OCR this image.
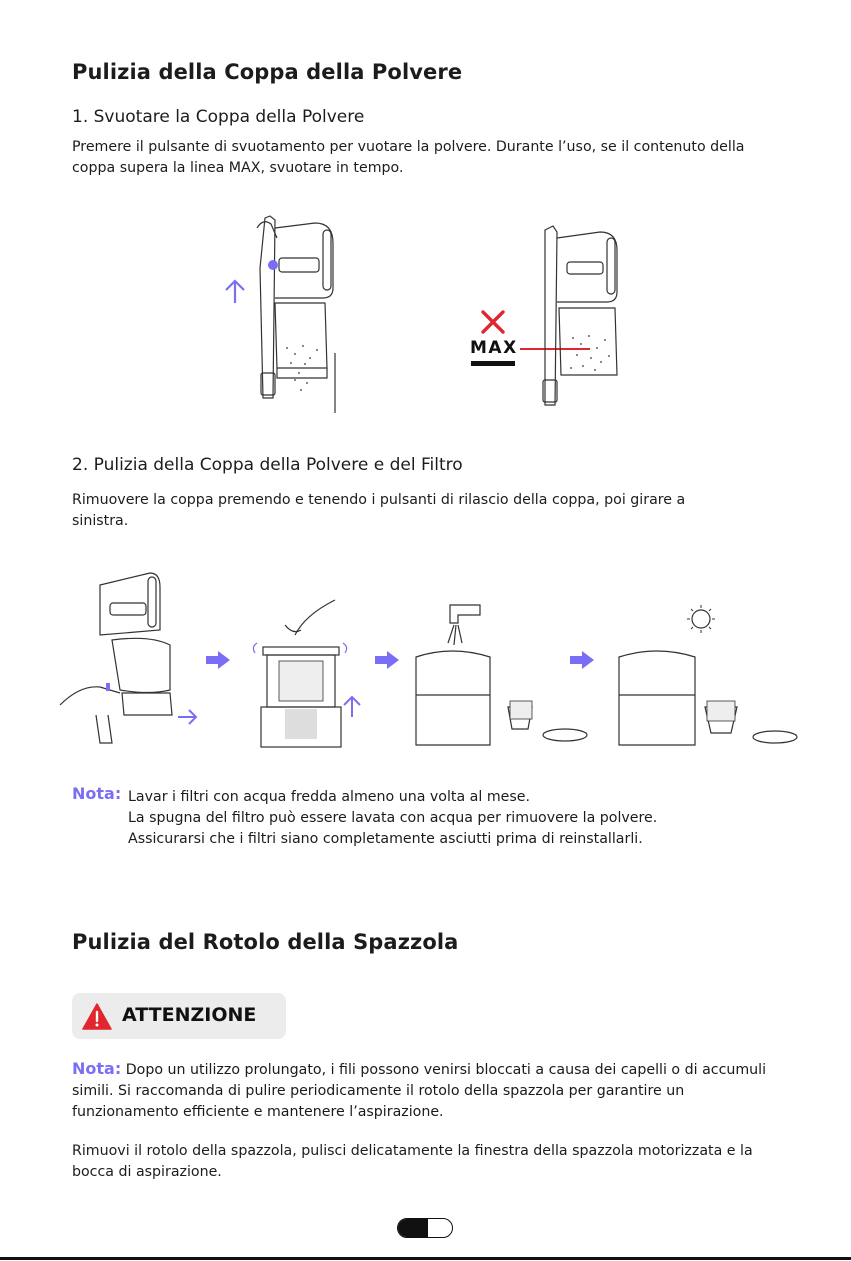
Pulizia della Coppa della Polvere
1. Svuotare la Coppa della Polvere

Premere il pulsante di svuotamento per vuotare la polvere. Durante l’uso, se il contenuto della coppa supera la linea MAX, svuotare in tempo.

MAX
2. Pulizia della Coppa della Polvere e del Filtro

Rimuovere la coppa premendo e tenendo i pulsanti di rilascio della coppa, poi girare a sinistra.

Nota: Lavar i filtri con acqua fredda almeno una volta al mese.

La spugna del filtro può essere lavata con acqua per rimuovere la polvere.

Assicurarsi che i filtri siano completamente asciutti prima di reinstallarli.

Pulizia del Rotolo della Spazzola
ATTENZIONE
Nota: Dopo un utilizzo prolungato, i fili possono venirsi bloccati a causa dei capelli o di accumuli simili. Si raccomanda di pulire periodicamente il rotolo della spazzola per garantire un funzionamento efficiente e mantenere l’aspirazione.

Rimuovi il rotolo della spazzola, pulisci delicatamente la finestra della spazzola motorizzata e la bocca di aspirazione.
